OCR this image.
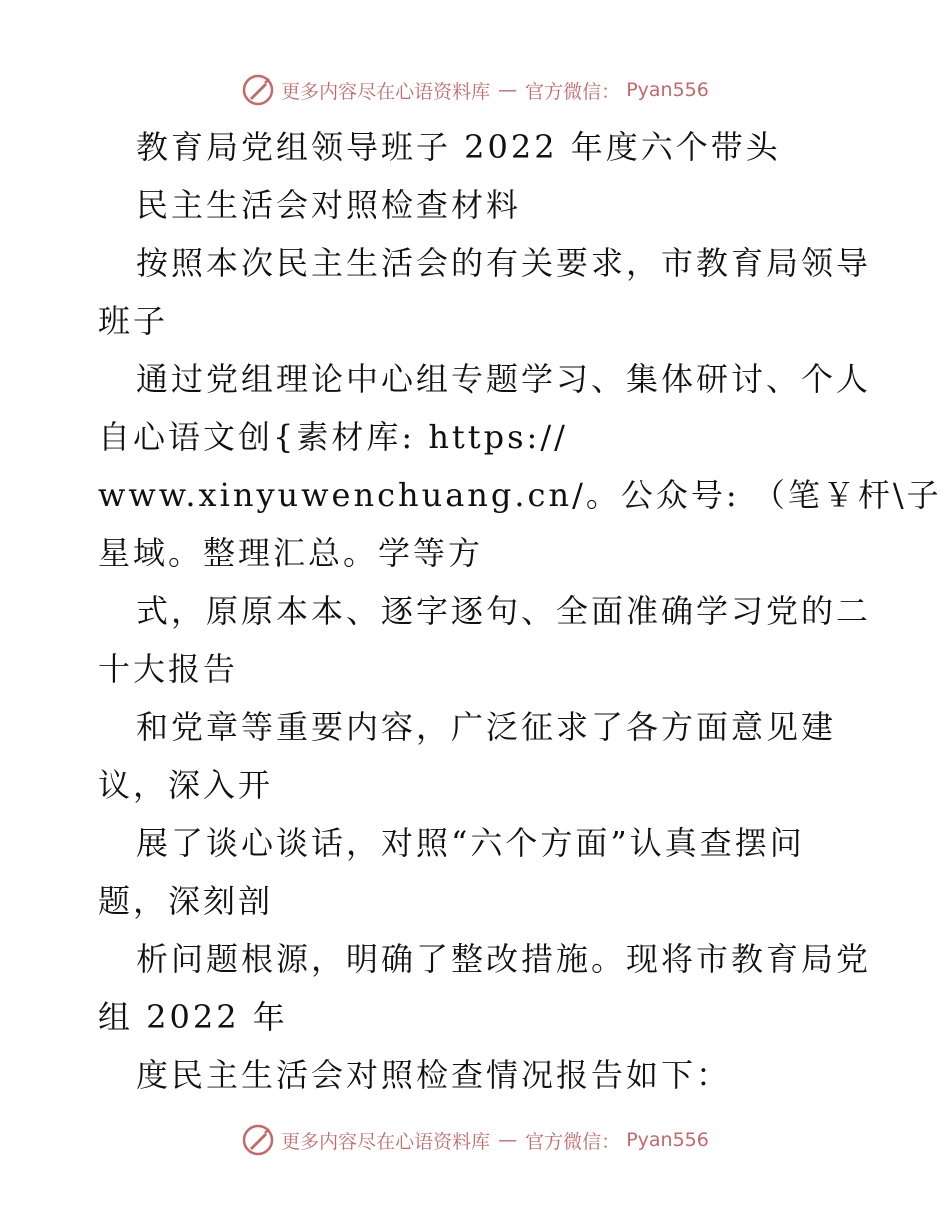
更多内容尽在心语资料库 — 官方微信： Pyan556
教育局党组领导班子 2022 年度六个带头
民主生活会对照检查材料
按照本次民主生活会的有关要求，市教育局领导
班子
通过党组理论中心组专题学习、集体研讨、个人
自心语文创{素材库: https://
www.xinyuwenchuang.cn/。公众号: （笔￥杆\子
星域。整理汇总。学等方
式，原原本本、逐字逐句、全面准确学习党的二
十大报告
和党章等重要内容，广泛征求了各方面意见建
议，深入开
展了谈心谈话，对照“六个方面”认真查摆问
题，深刻剖
析问题根源，明确了整改措施。现将市教育局党
组 2022 年
度民主生活会对照检查情况报告如下：
更多内容尽在心语资料库 — 官方微信： Pyan556
